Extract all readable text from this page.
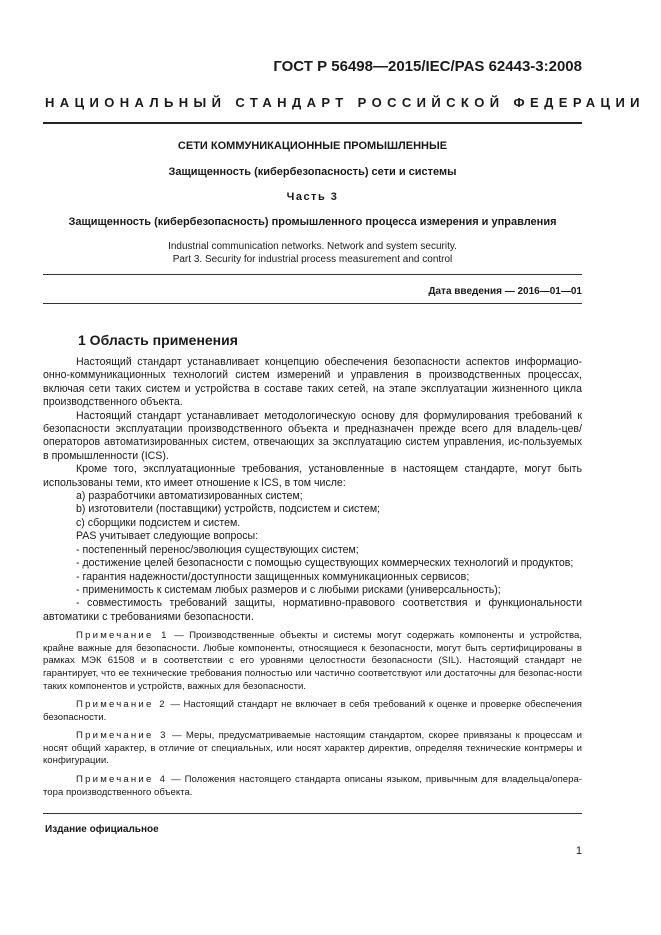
ГОСТ Р 56498—2015/IEC/PAS 62443-3:2008
НАЦИОНАЛЬНЫЙ СТАНДАРТ РОССИЙСКОЙ ФЕДЕРАЦИИ
СЕТИ КОММУНИКАЦИОННЫЕ ПРОМЫШЛЕННЫЕ
Защищенность (кибербезопасность) сети и системы
Часть 3
Защищенность (кибербезопасность) промышленного процесса измерения и управления
Industrial communication networks. Network and system security.
Part 3. Security for industrial process measurement and control
Дата введения — 2016—01—01
1 Область применения

Настоящий стандарт устанавливает концепцию обеспечения безопасности аспектов информацио-онно-коммуникационных технологий систем измерений и управления в производственных процессах, включая сети таких систем и устройства в составе таких сетей, на этапе эксплуатации жизненного цикла производственного объекта.

Настоящий стандарт устанавливает методологическую основу для формулирования требований к безопасности эксплуатации производственного объекта и предназначен прежде всего для владель-цев/операторов автоматизированных систем, отвечающих за эксплуатацию систем управления, ис-пользуемых в промышленности (ICS).

Кроме того, эксплуатационные требования, установленные в настоящем стандарте, могут быть использованы теми, кто имеет отношение к ICS, в том числе:

а) разработчики автоматизированных систем;

b) изготовители (поставщики) устройств, подсистем и систем;

с) сборщики подсистем и систем.

PAS учитывает следующие вопросы:

- постепенный перенос/эволюция существующих систем;

- достижение целей безопасности с помощью существующих коммерческих технологий и продуктов;

- гарантия надежности/доступности защищенных коммуникационных сервисов;

- применимость к системам любых размеров и с любыми рисками (универсальность);

- совместимость требований защиты, нормативно-правового соответствия и функциональности автоматики с требованиями безопасности.

Примечание 1 — Производственные объекты и системы могут содержать компоненты и устройства, крайне важные для безопасности. Любые компоненты, относящиеся к безопасности, могут быть сертифицированы в рамках МЭК 61508 и в соответствии с его уровнями целостности безопасности (SIL). Настоящий стандарт не гарантирует, что ее технические требования полностью или частично соответствуют или достаточны для безопас-ности таких компонентов и устройств, важных для безопасности.

Примечание 2 — Настоящий стандарт не включает в себя требований к оценке и проверке обеспечения безопасности.

Примечание 3 — Меры, предусматриваемые настоящим стандартом, скорее привязаны к процессам и носят общий характер, в отличие от специальных, или носят характер директив, определяя технические контрмеры и конфигурации.

Примечание 4 — Положения настоящего стандарта описаны языком, привычным для владельца/опера-тора производственного объекта.

Издание официальное
1
